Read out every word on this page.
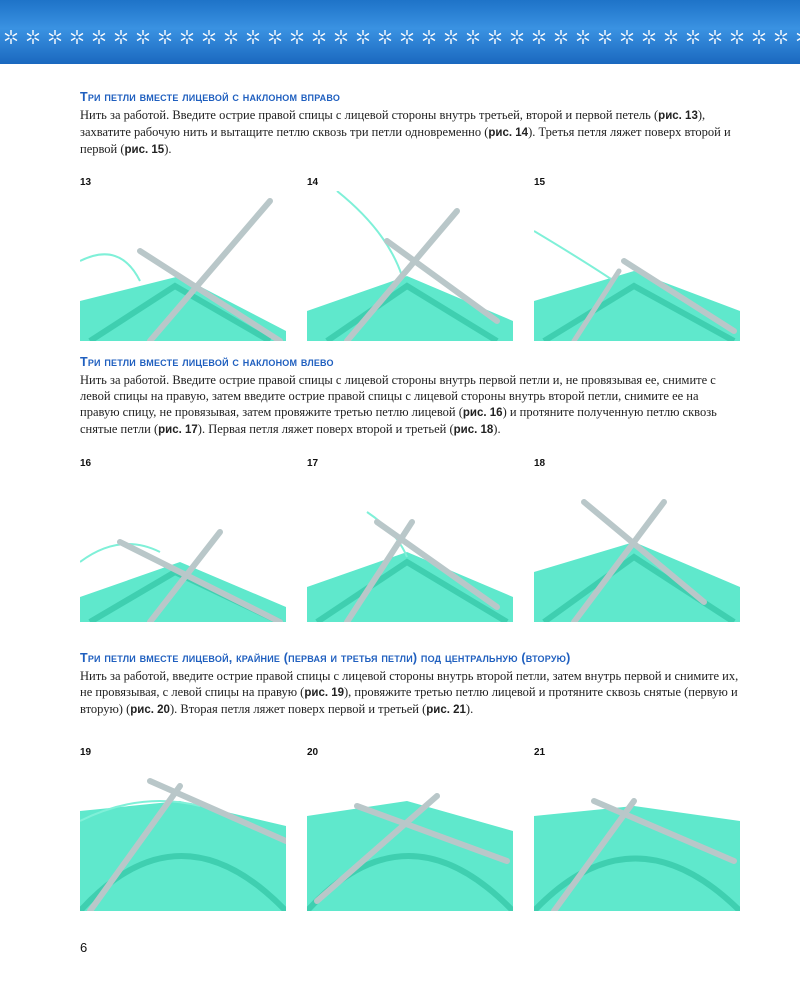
Три петли вместе лицевой с наклоном вправо

Нить за работой. Введите острие правой спицы с лицевой стороны внутрь третьей, второй и первой петель (рис. 13), захватите рабочую нить и вытащите петлю сквозь три петли одновременно (рис. 14). Третья петля ляжет поверх второй и первой (рис. 15).

13	14	15
Три петли вместе лицевой с наклоном влево

Нить за работой. Введите острие правой спицы с лицевой стороны внутрь первой петли и, не провязывая ее, снимите с левой спицы на правую, затем введите острие правой спицы с лицевой стороны внутрь второй петли, снимите ее на правую спицу, не провязывая, затем провяжите третью петлю лицевой (рис. 16) и протяните полученную петлю сквозь снятые петли (рис. 17). Первая петля ляжет поверх второй и третьей (рис. 18).

16	17	18
Три петли вместе лицевой, крайние (первая и третья петли) под центральную (вторую)

Нить за работой, введите острие правой спицы с лицевой стороны внутрь второй петли, затем внутрь первой и снимите их, не провязывая, с левой спицы на правую (рис. 19), провяжите третью петлю лицевой и протяните сквозь снятые (первую и вторую) (рис. 20). Вторая петля ляжет поверх первой и третьей (рис. 21).

19	20	21
6
